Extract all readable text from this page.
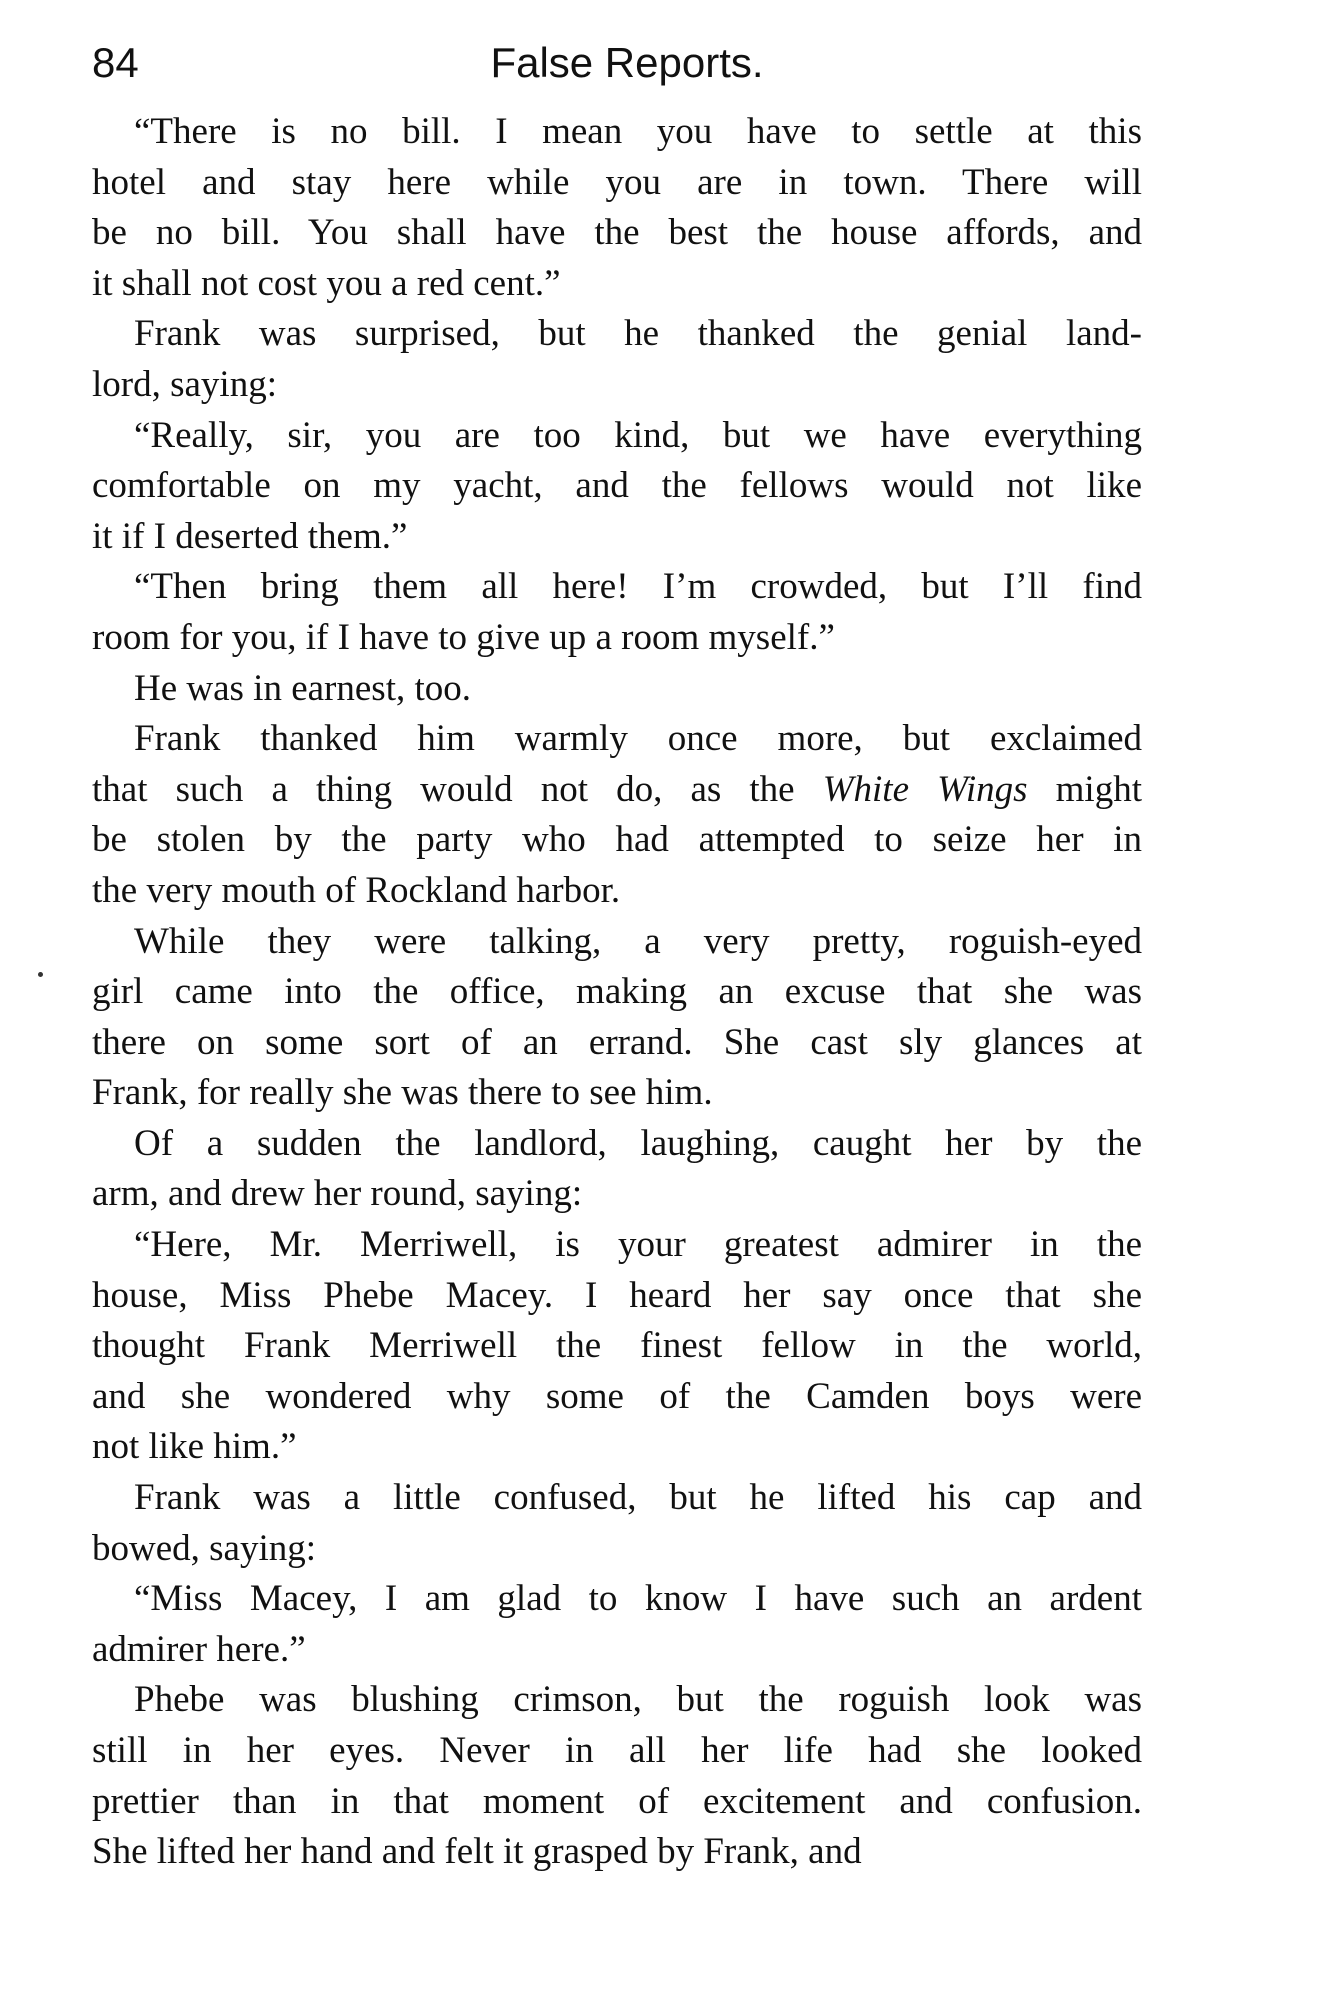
84	False Reports.
“There is no bill. I mean you have to settle at this
hotel and stay here while you are in town. There will
be no bill. You shall have the best the house affords, and
it shall not cost you a red cent.”
Frank was surprised, but he thanked the genial land-
lord, saying:
“Really, sir, you are too kind, but we have everything
comfortable on my yacht, and the fellows would not like
it if I deserted them.”
“Then bring them all here! I’m crowded, but I’ll find
room for you, if I have to give up a room myself.”
He was in earnest, too.
Frank thanked him warmly once more, but exclaimed
that such a thing would not do, as the White Wings might
be stolen by the party who had attempted to seize her in
the very mouth of Rockland harbor.
While they were talking, a very pretty, roguish-eyed
girl came into the office, making an excuse that she was
there on some sort of an errand. She cast sly glances at
Frank, for really she was there to see him.
Of a sudden the landlord, laughing, caught her by the
arm, and drew her round, saying:
“Here, Mr. Merriwell, is your greatest admirer in the
house, Miss Phebe Macey. I heard her say once that she
thought Frank Merriwell the finest fellow in the world,
and she wondered why some of the Camden boys were
not like him.”
Frank was a little confused, but he lifted his cap and
bowed, saying:
“Miss Macey, I am glad to know I have such an ardent
admirer here.”
Phebe was blushing crimson, but the roguish look was
still in her eyes. Never in all her life had she looked
prettier than in that moment of excitement and confusion.
She lifted her hand and felt it grasped by Frank, and
